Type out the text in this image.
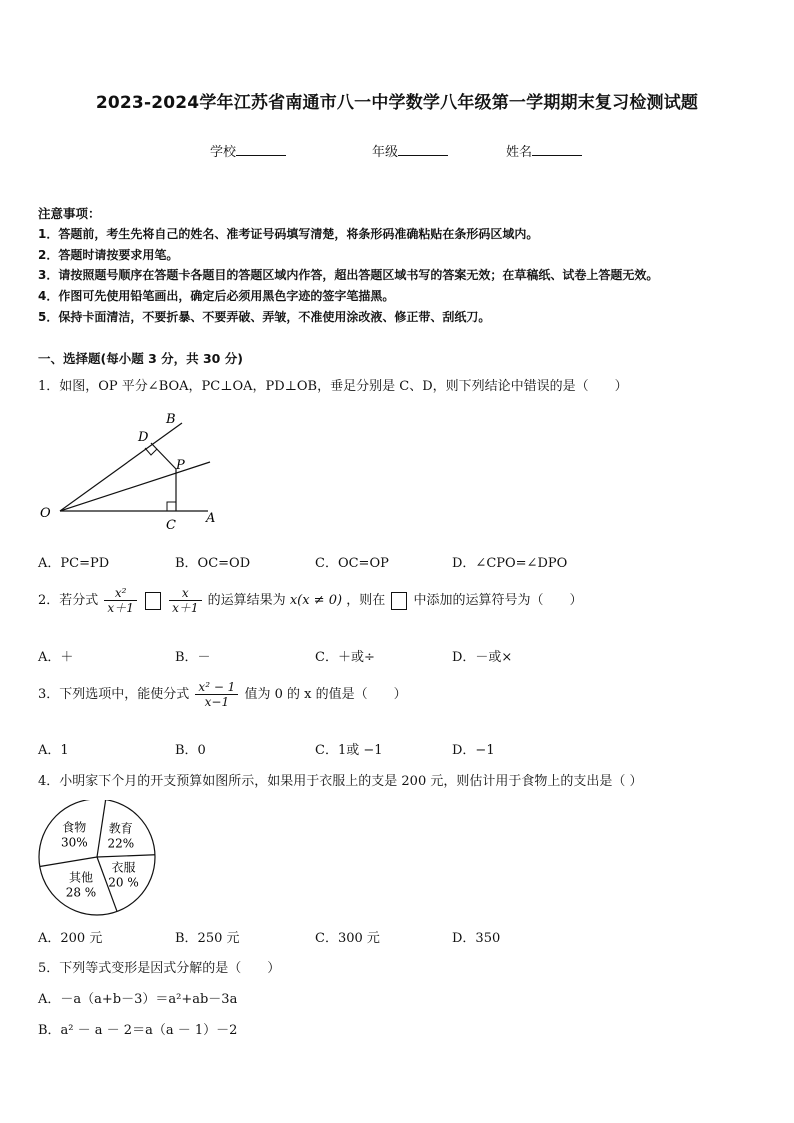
2023-2024学年江苏省南通市八一中学数学八年级第一学期期末复习检测试题
学校	年级	姓名
注意事项：
1．答题前，考生先将自己的姓名、准考证号码填写清楚，将条形码准确粘贴在条形码区域内。
2．答题时请按要求用笔。
3．请按照题号顺序在答题卡各题目的答题区域内作答，超出答题区域书写的答案无效；在草稿纸、试卷上答题无效。
4．作图可先使用铅笔画出，确定后必须用黑色字迹的签字笔描黑。
5．保持卡面清洁，不要折暴、不要弄破、弄皱，不准使用涂改液、修正带、刮纸刀。
一、选择题(每小题 3 分，共 30 分)
1．如图，OP 平分∠BOA，PC⊥OA，PD⊥OB，垂足分别是 C、D，则下列结论中错误的是（　　）
B
D
P
O
C A
A．PC=PD	B．OC=OD	C．OC=OP	D．∠CPO=∠DPO
2．若分式 $\frac{\text{x²}}{x+1}$
	$\frac{x}{x+1}$ 的运算结果为 x(x ≠ 0) ，则在 中添加的运算符号为（　　）
A．＋	B．－	C．＋或÷	D．－或×
3．下列选项中，能使分式 $\frac{\text{x² − 1}}{x-1}$ 值为 0 的 x 的值是（　　）
A．1	B．0	C．1或 −1	D．−1
4．小明家下个月的开支预算如图所示，如果用于衣服上的支是 200 元，则估计用于食物上的支出是（ ）
教育
22%
衣服
20 %
其他
28 %
食物
30%
A．200 元	B．250 元	C．300 元	D．350
5．下列等式变形是因式分解的是（　　）
A．－a（a+b－3）＝a²+ab－3a
B．a² － a － 2＝a（a － 1）－2
